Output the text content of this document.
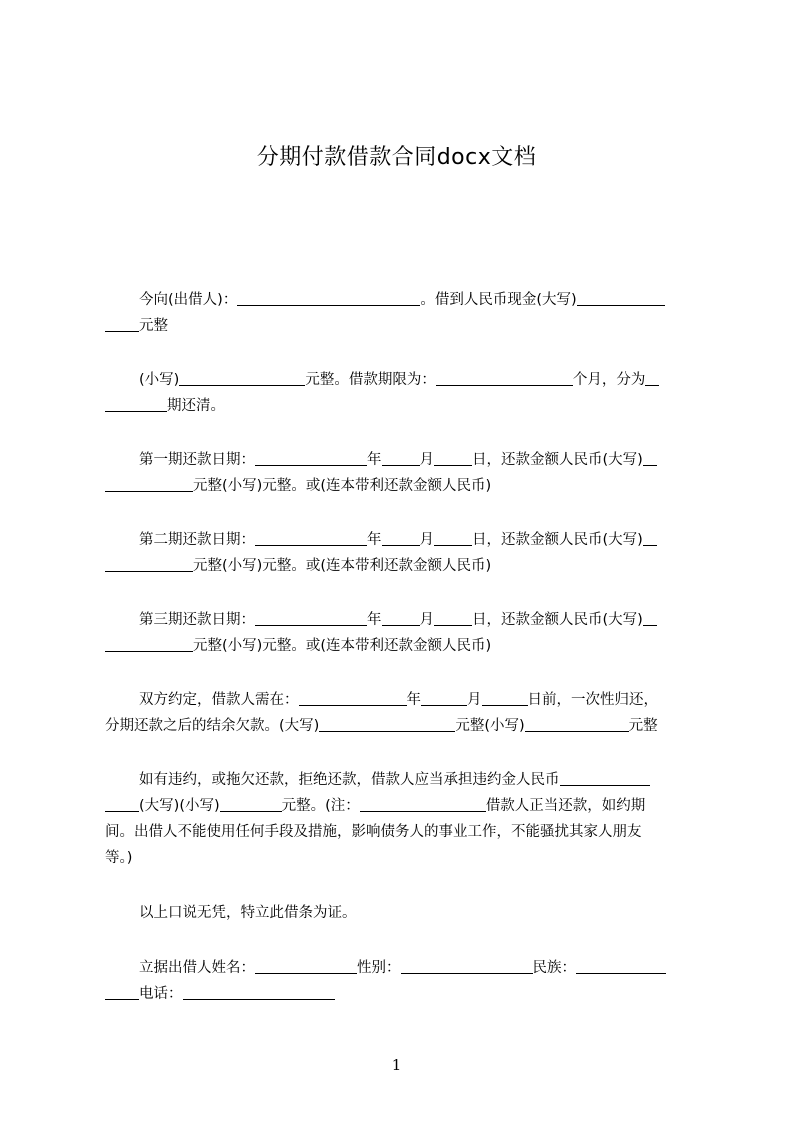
分期付款借款合同docx文档
今向(出借人)：	。借到人民币现金(大写)
元整
(小写)	元整。借款期限为：	个月，分为
期还清。
第一期还款日期：	年	月	日，还款金额人民币(大写)
元整(小写)元整。或(连本带利还款金额人民币)
第二期还款日期：	年	月	日，还款金额人民币(大写)
元整(小写)元整。或(连本带利还款金额人民币)
第三期还款日期：	年	月	日，还款金额人民币(大写)
元整(小写)元整。或(连本带利还款金额人民币)
双方约定，借款人需在：	年	月	日前，一次性归还，
分期还款之后的结余欠款。(大写)	元整(小写)	元整
如有违约，或拖欠还款，拒绝还款，借款人应当承担违约金人民币
(大写)(小写)	元整。(注：	借款人正当还款，如约期
间。出借人不能使用任何手段及措施，影响债务人的事业工作，不能骚扰其家人朋友
等。)
以上口说无凭，特立此借条为证。
立据出借人姓名：	性别：	民族：
电话：
1
